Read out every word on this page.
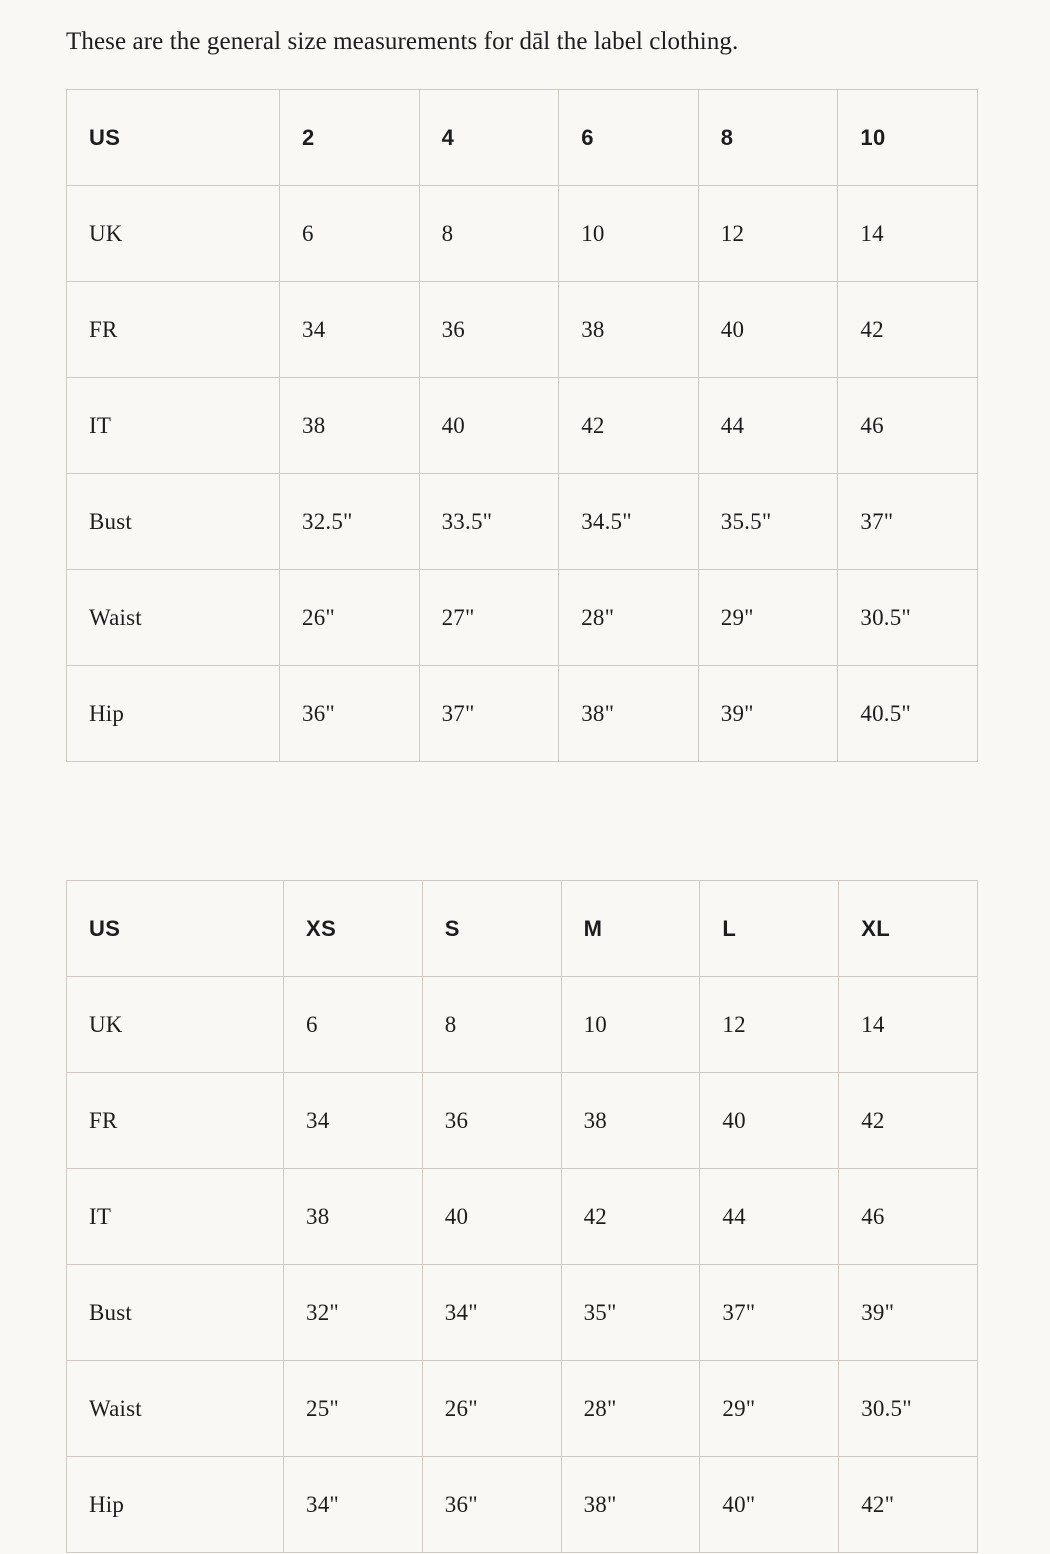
These are the general size measurements for dāl the label clothing.

US	2	4	6	8	10
UK	6	8	10	12	14
FR	34	36	38	40	42
IT	38	40	42	44	46
Bust	32.5"	33.5"	34.5"	35.5"	37"
Waist	26"	27"	28"	29"	30.5"
Hip	36"	37"	38"	39"	40.5"
US	XS	S	M	L	XL
UK	6	8	10	12	14
FR	34	36	38	40	42
IT	38	40	42	44	46
Bust	32"	34"	35"	37"	39"
Waist	25"	26"	28"	29"	30.5"
Hip	34"	36"	38"	40"	42"
